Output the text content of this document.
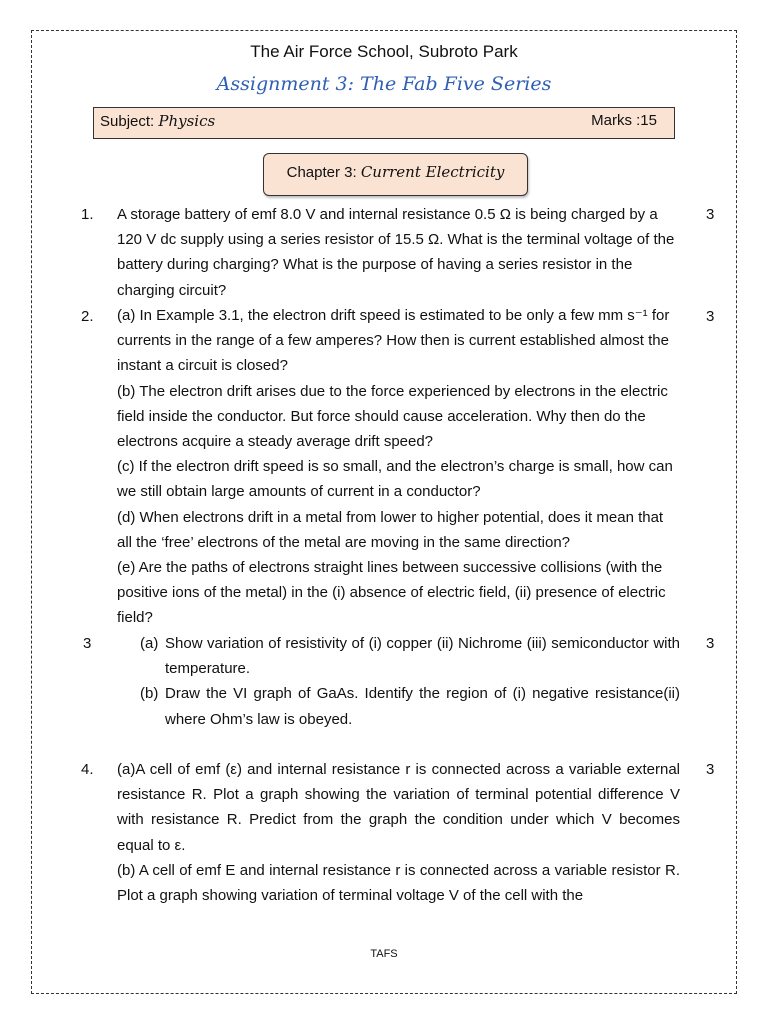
The Air Force School, Subroto Park
Assignment 3: The Fab Five Series
Subject: Physics	Marks :15
Chapter 3: Current Electricity
1.	3

A storage battery of emf 8.0 V and internal resistance 0.5 Ω is being charged by a 120 V dc supply using a series resistor of 15.5 Ω. What is the terminal voltage of the battery during charging? What is the purpose of having a series resistor in the charging circuit?

2.	3

(a) In Example 3.1, the electron drift speed is estimated to be only a few mm s⁻¹ for currents in the range of a few amperes? How then is current established almost the instant a circuit is closed?

(b) The electron drift arises due to the force experienced by electrons in the electric field inside the conductor. But force should cause acceleration. Why then do the electrons acquire a steady average drift speed?

(c) If the electron drift speed is so small, and the electron’s charge is small, how can we still obtain large amounts of current in a conductor?

(d) When electrons drift in a metal from lower to higher potential, does it mean that all the ‘free’ electrons of the metal are moving in the same direction?

(e) Are the paths of electrons straight lines between successive collisions (with the positive ions of the metal) in the (i) absence of electric field, (ii) presence of electric field?

3	3
(a) Show variation of resistivity of (i) copper (ii) Nichrome (iii) semiconductor with temperature.
(b) Draw the VI graph of GaAs. Identify the region of (i) negative resistance(ii) where Ohm’s law is obeyed.
4.	3

(a)A cell of emf (ε) and internal resistance r is connected across a variable external resistance R. Plot a graph showing the variation of terminal potential difference V with resistance R. Predict from the graph the condition under which V becomes equal to ε.

(b) A cell of emf E and internal resistance r is connected across a variable resistor R. Plot a graph showing variation of terminal voltage V of the cell with the

TAFS
